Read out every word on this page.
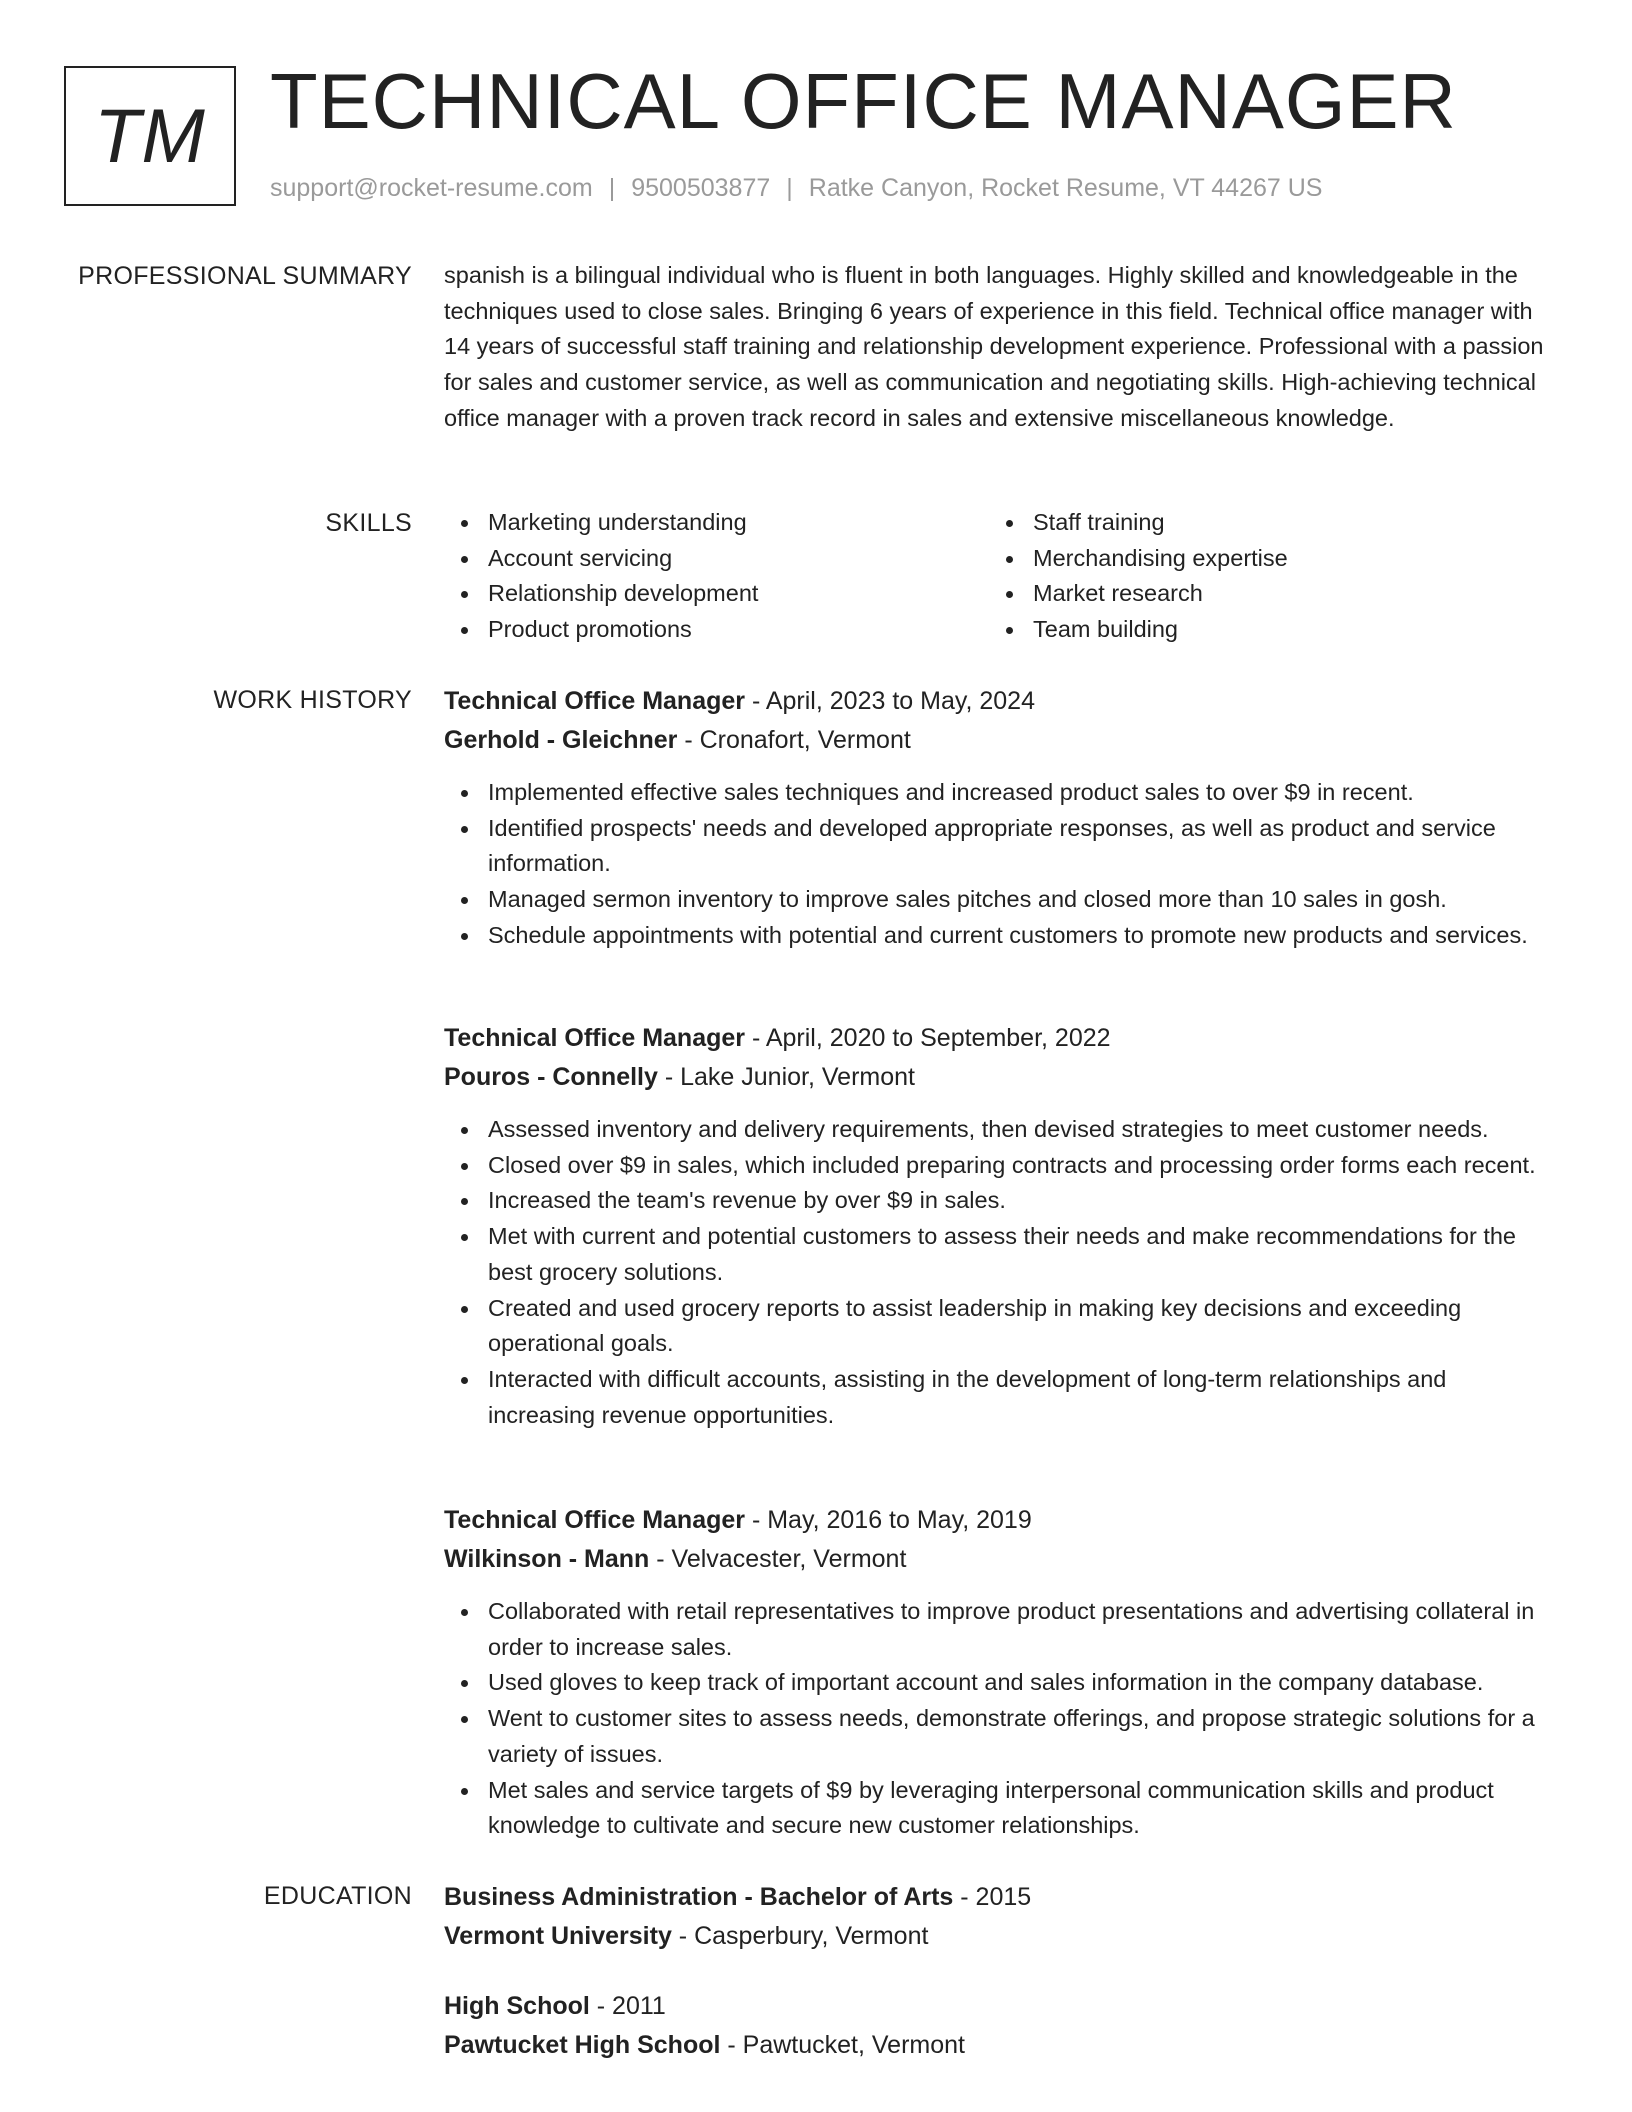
TM TECHNICAL OFFICE MANAGER
support@rocket-resume.com | 9500503877 | Ratke Canyon, Rocket Resume, VT 44267 US
PROFESSIONAL SUMMARY spanish is a bilingual individual who is fluent in both languages. Highly skilled and knowledgeable in the techniques used to close sales. Bringing 6 years of experience in this field. Technical office manager with 14 years of successful staff training and relationship development experience. Professional with a passion for sales and customer service, as well as communication and negotiating skills. High-achieving technical office manager with a proven track record in sales and extensive miscellaneous knowledge.

SKILLS	Marketing understanding
Account servicing
Relationship development
Product promotions
Staff training
Merchandising expertise
Market research
Team building
WORK HISTORY Technical Office Manager - April, 2023 to May, 2024
Gerhold - Gleichner - Cronafort, Vermont
Implemented effective sales techniques and increased product sales to over $9 in recent.
Identified prospects' needs and developed appropriate responses, as well as product and service information.
Managed sermon inventory to improve sales pitches and closed more than 10 sales in gosh.
Schedule appointments with potential and current customers to promote new products and services.
Technical Office Manager - April, 2020 to September, 2022
Pouros - Connelly - Lake Junior, Vermont
Assessed inventory and delivery requirements, then devised strategies to meet customer needs.
Closed over $9 in sales, which included preparing contracts and processing order forms each recent.
Increased the team's revenue by over $9 in sales.
Met with current and potential customers to assess their needs and make recommendations for the best grocery solutions.
Created and used grocery reports to assist leadership in making key decisions and exceeding operational goals.
Interacted with difficult accounts, assisting in the development of long-term relationships and increasing revenue opportunities.
Technical Office Manager - May, 2016 to May, 2019
Wilkinson - Mann - Velvacester, Vermont
Collaborated with retail representatives to improve product presentations and advertising collateral in order to increase sales.
Used gloves to keep track of important account and sales information in the company database.
Went to customer sites to assess needs, demonstrate offerings, and propose strategic solutions for a variety of issues.
Met sales and service targets of $9 by leveraging interpersonal communication skills and product knowledge to cultivate and secure new customer relationships.
EDUCATION Business Administration - Bachelor of Arts - 2015
Vermont University - Casperbury, Vermont
High School - 2011
Pawtucket High School - Pawtucket, Vermont
